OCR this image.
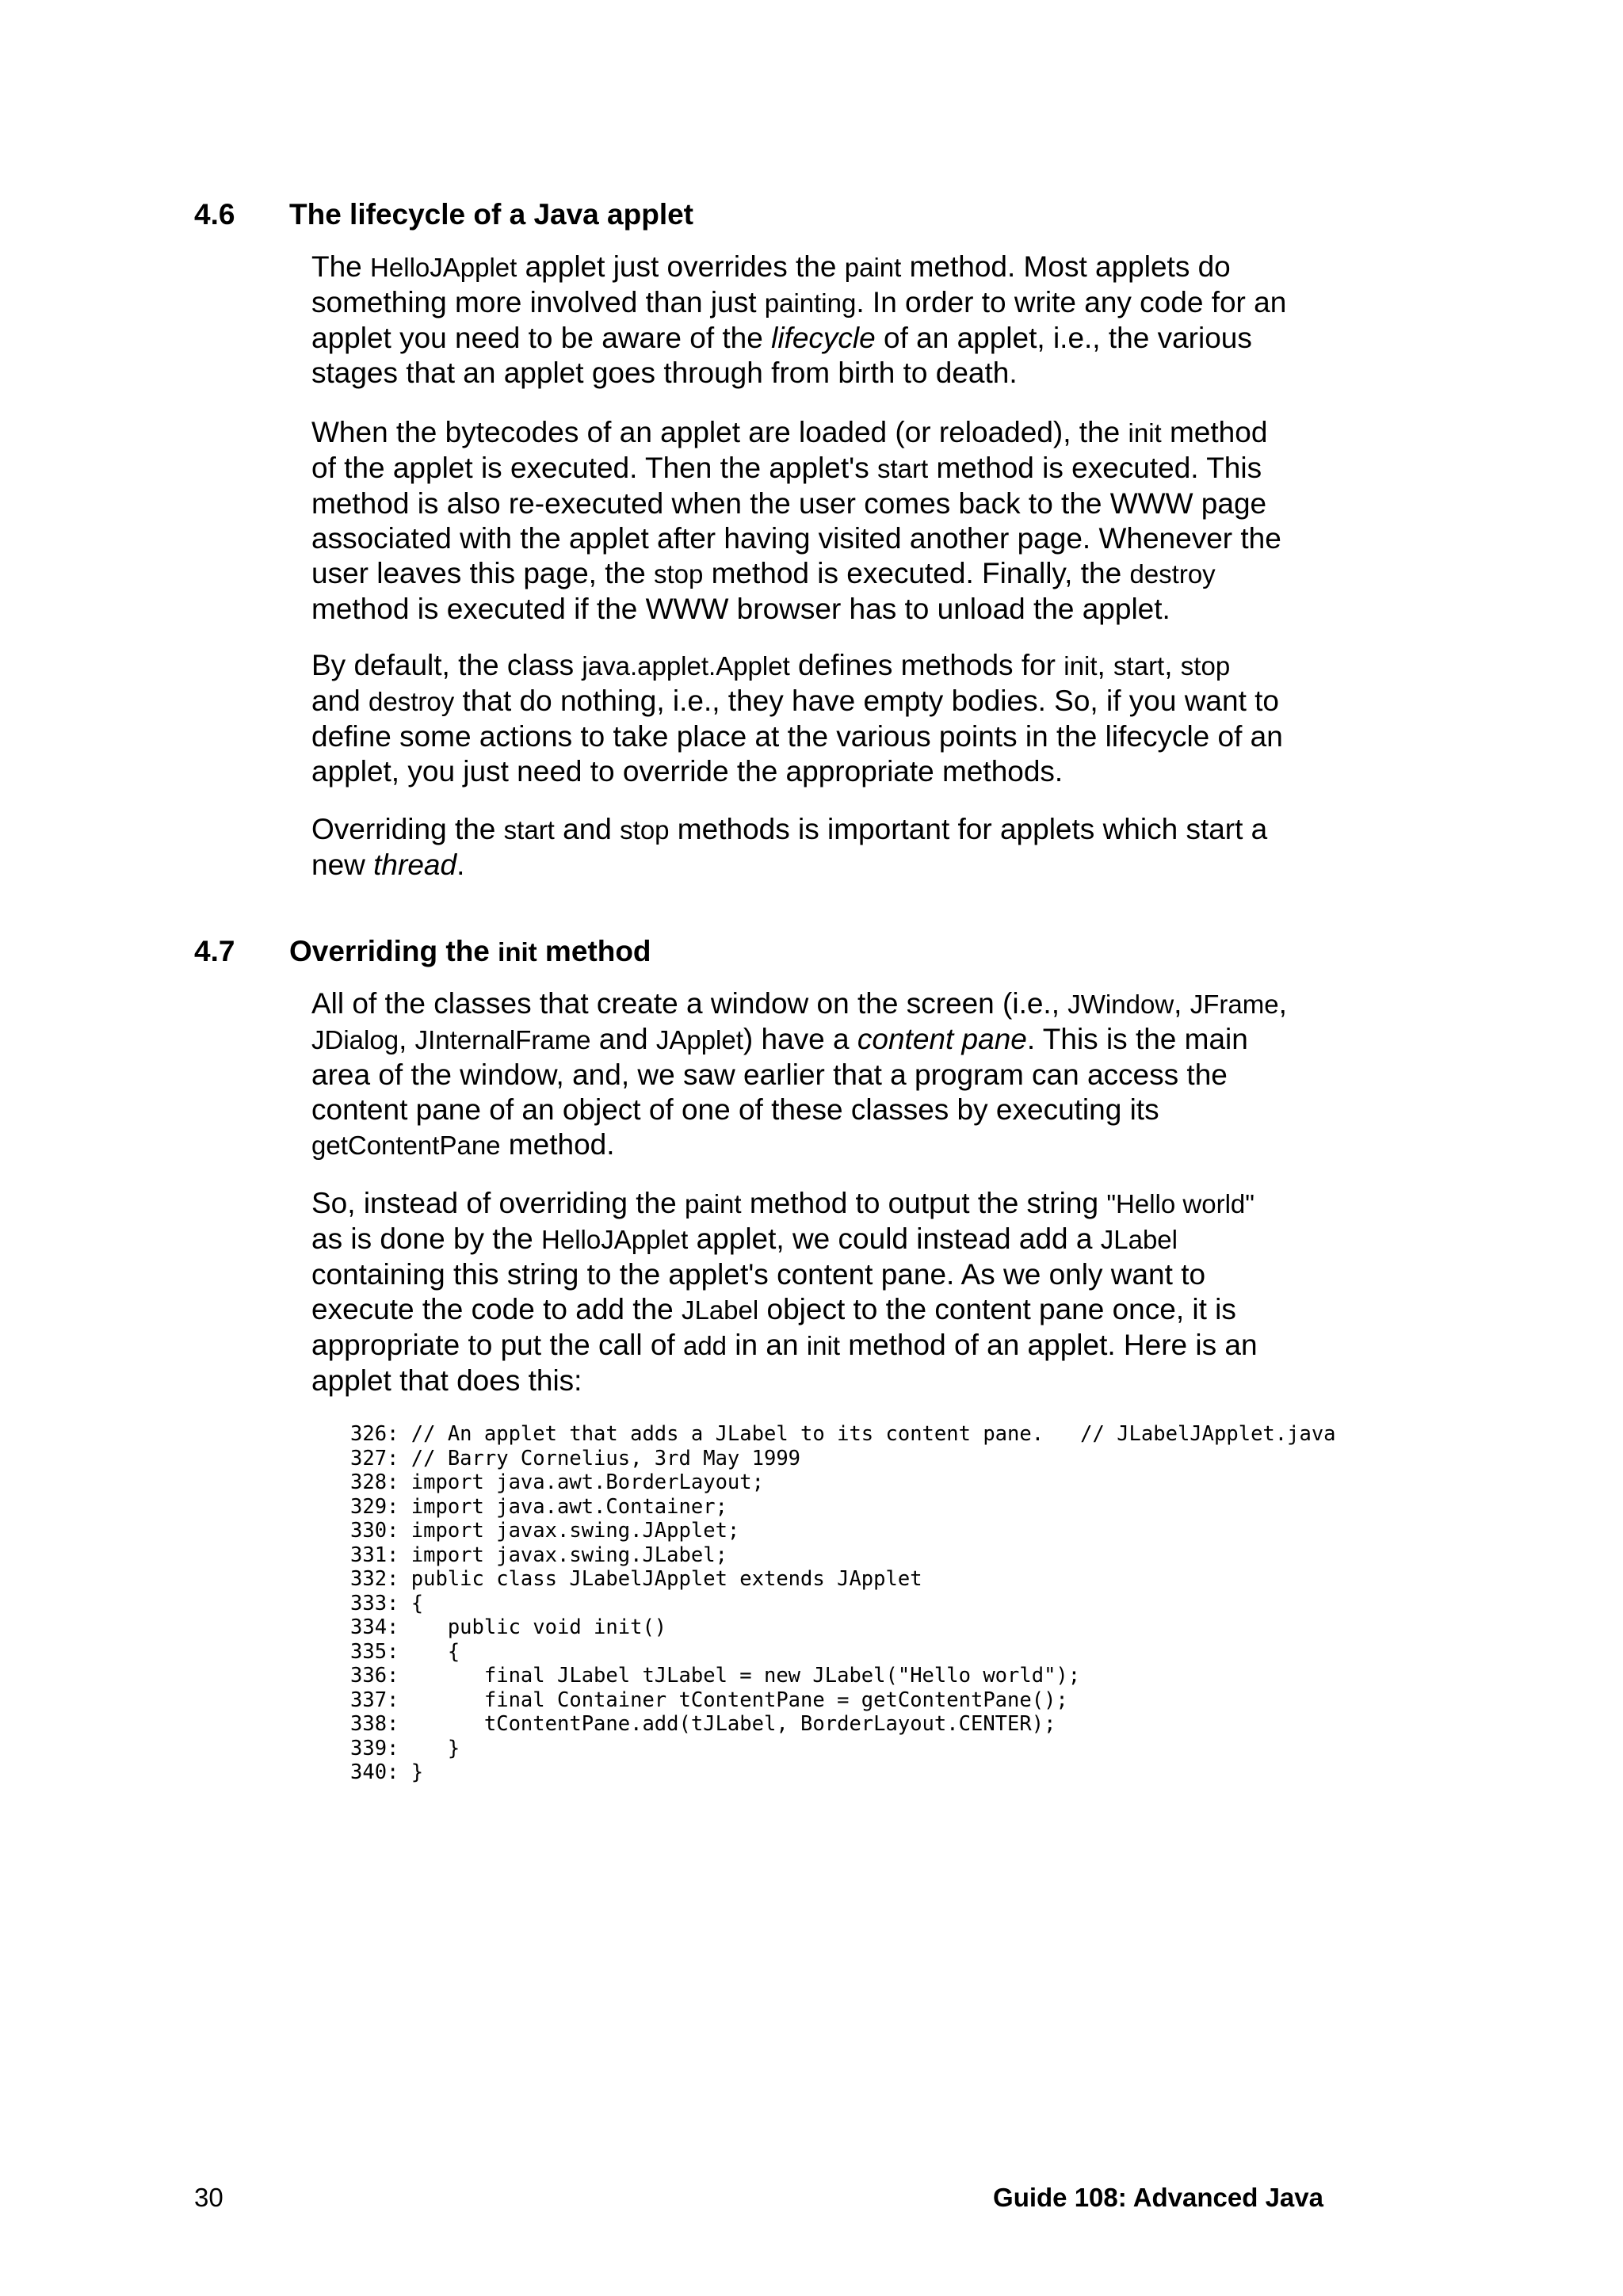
4.6	The lifecycle of a Java applet
The HelloJApplet applet just overrides the paint method. Most applets do
something more involved than just painting. In order to write any code for an
applet you need to be aware of the lifecycle of an applet, i.e., the various
stages that an applet goes through from birth to death.
When the bytecodes of an applet are loaded (or reloaded), the init method
of the applet is executed. Then the applet's start method is executed. This
method is also re-executed when the user comes back to the WWW page
associated with the applet after having visited another page. Whenever the
user leaves this page, the stop method is executed. Finally, the destroy
method is executed if the WWW browser has to unload the applet.
By default, the class java.applet.Applet defines methods for init, start, stop
and destroy that do nothing, i.e., they have empty bodies. So, if you want to
define some actions to take place at the various points in the lifecycle of an
applet, you just need to override the appropriate methods.
Overriding the start and stop methods is important for applets which start a
new thread.
4.7	Overriding the init method
All of the classes that create a window on the screen (i.e., JWindow, JFrame,
JDialog, JInternalFrame and JApplet) have a content pane. This is the main
area of the window, and, we saw earlier that a program can access the
content pane of an object of one of these classes by executing its
getContentPane method.
So, instead of overriding the paint method to output the string "Hello world"
as is done by the HelloJApplet applet, we could instead add a JLabel
containing this string to the applet's content pane. As we only want to
execute the code to add the JLabel object to the content pane once, it is
appropriate to put the call of add in an init method of an applet. Here is an
applet that does this:
326: // An applet that adds a JLabel to its content pane.   // JLabelJApplet.java
327: // Barry Cornelius, 3rd May 1999
328: import java.awt.BorderLayout;
329: import java.awt.Container;
330: import javax.swing.JApplet;
331: import javax.swing.JLabel;
332: public class JLabelJApplet extends JApplet
333: {
334:    public void init()
335:    {
336:       final JLabel tJLabel = new JLabel("Hello world");
337:       final Container tContentPane = getContentPane();
338:       tContentPane.add(tJLabel, BorderLayout.CENTER);
339:    }
340: }
30	Guide 108: Advanced Java
